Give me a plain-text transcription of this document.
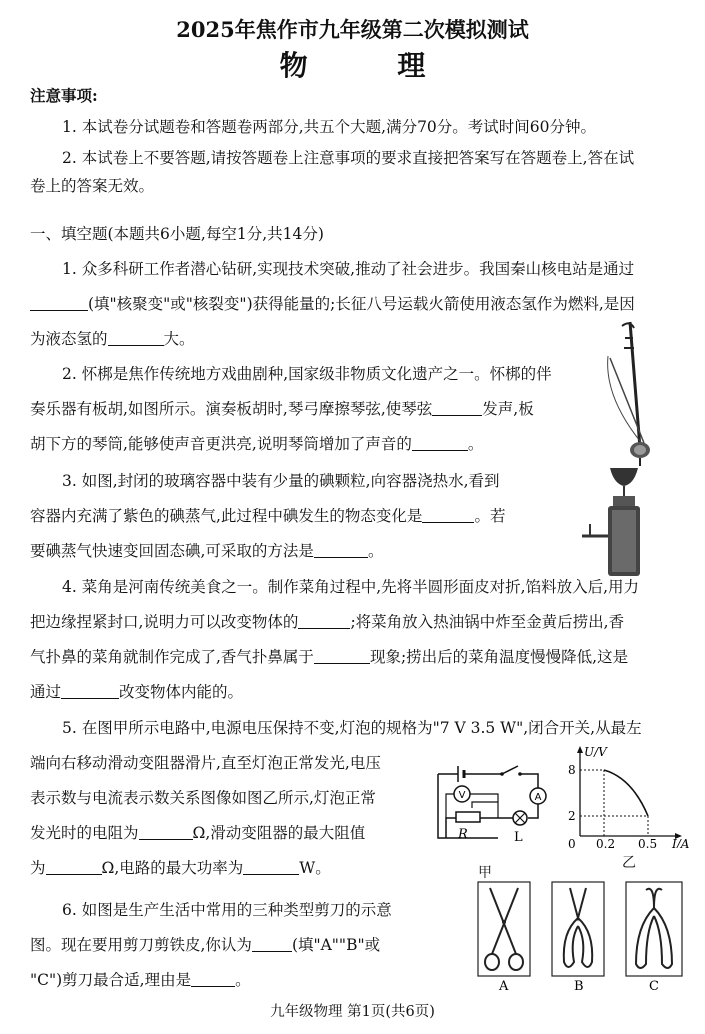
2025年焦作市九年级第二次模拟测试
物 理
注意事项:
1. 本试卷分试题卷和答题卷两部分,共五个大题,满分70分。考试时间60分钟。
2. 本试卷上不要答题,请按答题卷上注意事项的要求直接把答案写在答题卷上,答在试
卷上的答案无效。
一、填空题(本题共6小题,每空1分,共14分)
1. 众多科研工作者潜心钻研,实现技术突破,推动了社会进步。我国秦山核电站是通过
(填"核聚变"或"核裂变")获得能量的;长征八号运载火箭使用液态氢作为燃料,是因
为液态氢的	大。
2. 怀梆是焦作传统地方戏曲剧种,国家级非物质文化遗产之一。怀梆的伴
奏乐器有板胡,如图所示。演奏板胡时,琴弓摩擦琴弦,使琴弦	发声,板
胡下方的琴筒,能够使声音更洪亮,说明琴筒增加了声音的	。
3. 如图,封闭的玻璃容器中装有少量的碘颗粒,向容器浇热水,看到
容器内充满了紫色的碘蒸气,此过程中碘发生的物态变化是	。若
要碘蒸气快速变回固态碘,可采取的方法是	。
4. 菜角是河南传统美食之一。制作菜角过程中,先将半圆形面皮对折,馅料放入后,用力
把边缘捏紧封口,说明力可以改变物体的	;将菜角放入热油锅中炸至金黄后捞出,香
气扑鼻的菜角就制作完成了,香气扑鼻属于	现象;捞出后的菜角温度慢慢降低,这是
通过	改变物体内能的。
5. 在图甲所示电路中,电源电压保持不变,灯泡的规格为"7 V 3.5 W",闭合开关,从最左
端向右移动滑动变阻器滑片,直至灯泡正常发光,电压
表示数与电流表示数关系图像如图乙所示,灯泡正常
发光时的电阻为	Ω,滑动变阻器的最大阻值
为	Ω,电路的最大功率为	W。
A
V
R	L
甲
U/V
I/A
8
2
0 0.2 0.5
乙
6. 如图是生产生活中常用的三种类型剪刀的示意
图。现在要用剪刀剪铁皮,你认为	(填"A""B"或
"C")剪刀最合适,理由是	。	A	B	C
九年级物理 第1页(共6页)
